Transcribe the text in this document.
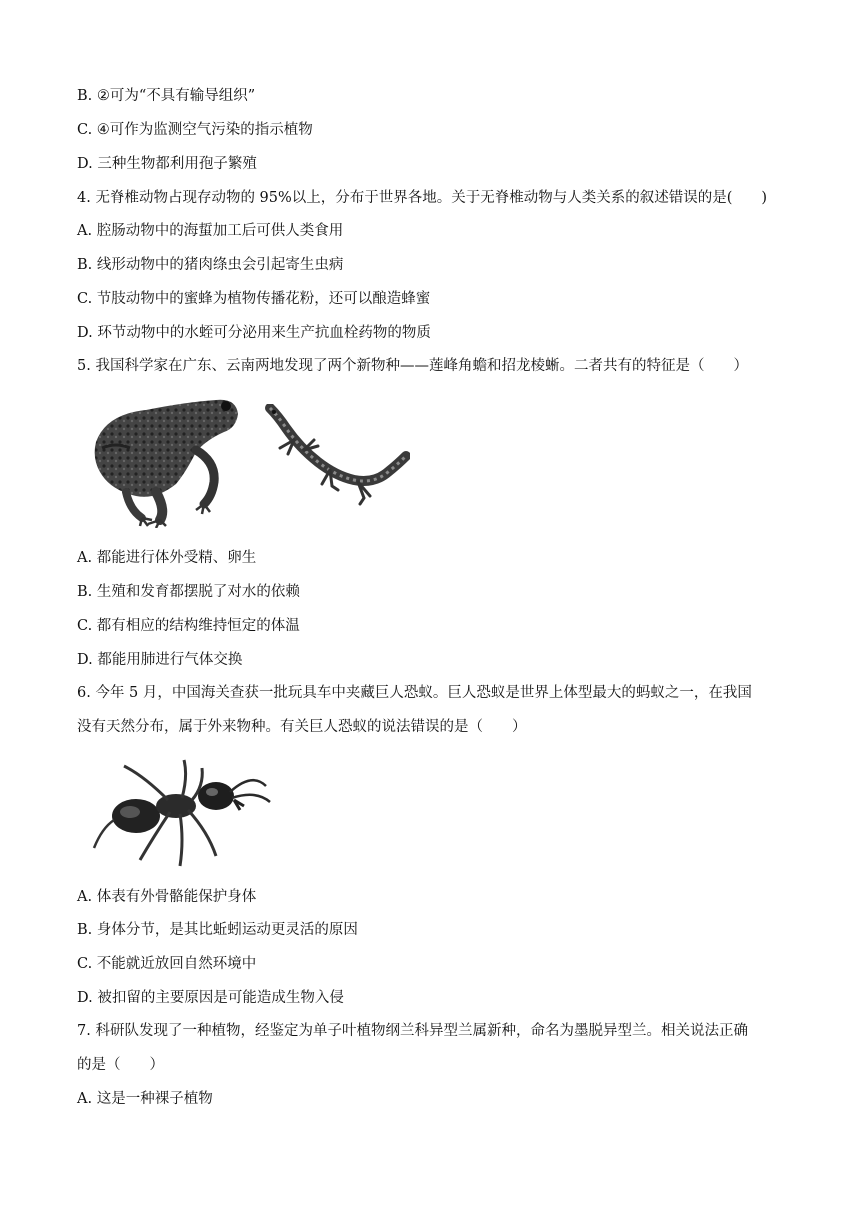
B. ②可为“不具有输导组织”
C. ④可作为监测空气污染的指示植物
D. 三种生物都利用孢子繁殖
4. 无脊椎动物占现存动物的 95%以上，分布于世界各地。关于无脊椎动物与人类关系的叙述错误的是(　　)
A. 腔肠动物中的海蜇加工后可供人类食用
B. 线形动物中的猪肉绦虫会引起寄生虫病
C. 节肢动物中的蜜蜂为植物传播花粉，还可以酿造蜂蜜
D. 环节动物中的水蛭可分泌用来生产抗血栓药物的物质
5. 我国科学家在广东、云南两地发现了两个新物种——莲峰角蟾和招龙棱蜥。二者共有的特征是（　　）
A. 都能进行体外受精、卵生
B. 生殖和发育都摆脱了对水的依赖
C. 都有相应的结构维持恒定的体温
D. 都能用肺进行气体交换
6. 今年 5 月，中国海关查获一批玩具车中夹藏巨人恐蚁。巨人恐蚁是世界上体型最大的蚂蚁之一，在我国
没有天然分布，属于外来物种。有关巨人恐蚁的说法错误的是（　　）
A. 体表有外骨骼能保护身体
B. 身体分节，是其比蚯蚓运动更灵活的原因
C. 不能就近放回自然环境中
D. 被扣留的主要原因是可能造成生物入侵
7. 科研队发现了一种植物，经鉴定为单子叶植物纲兰科异型兰属新种，命名为墨脱异型兰。相关说法正确
的是（　　）
A. 这是一种裸子植物
